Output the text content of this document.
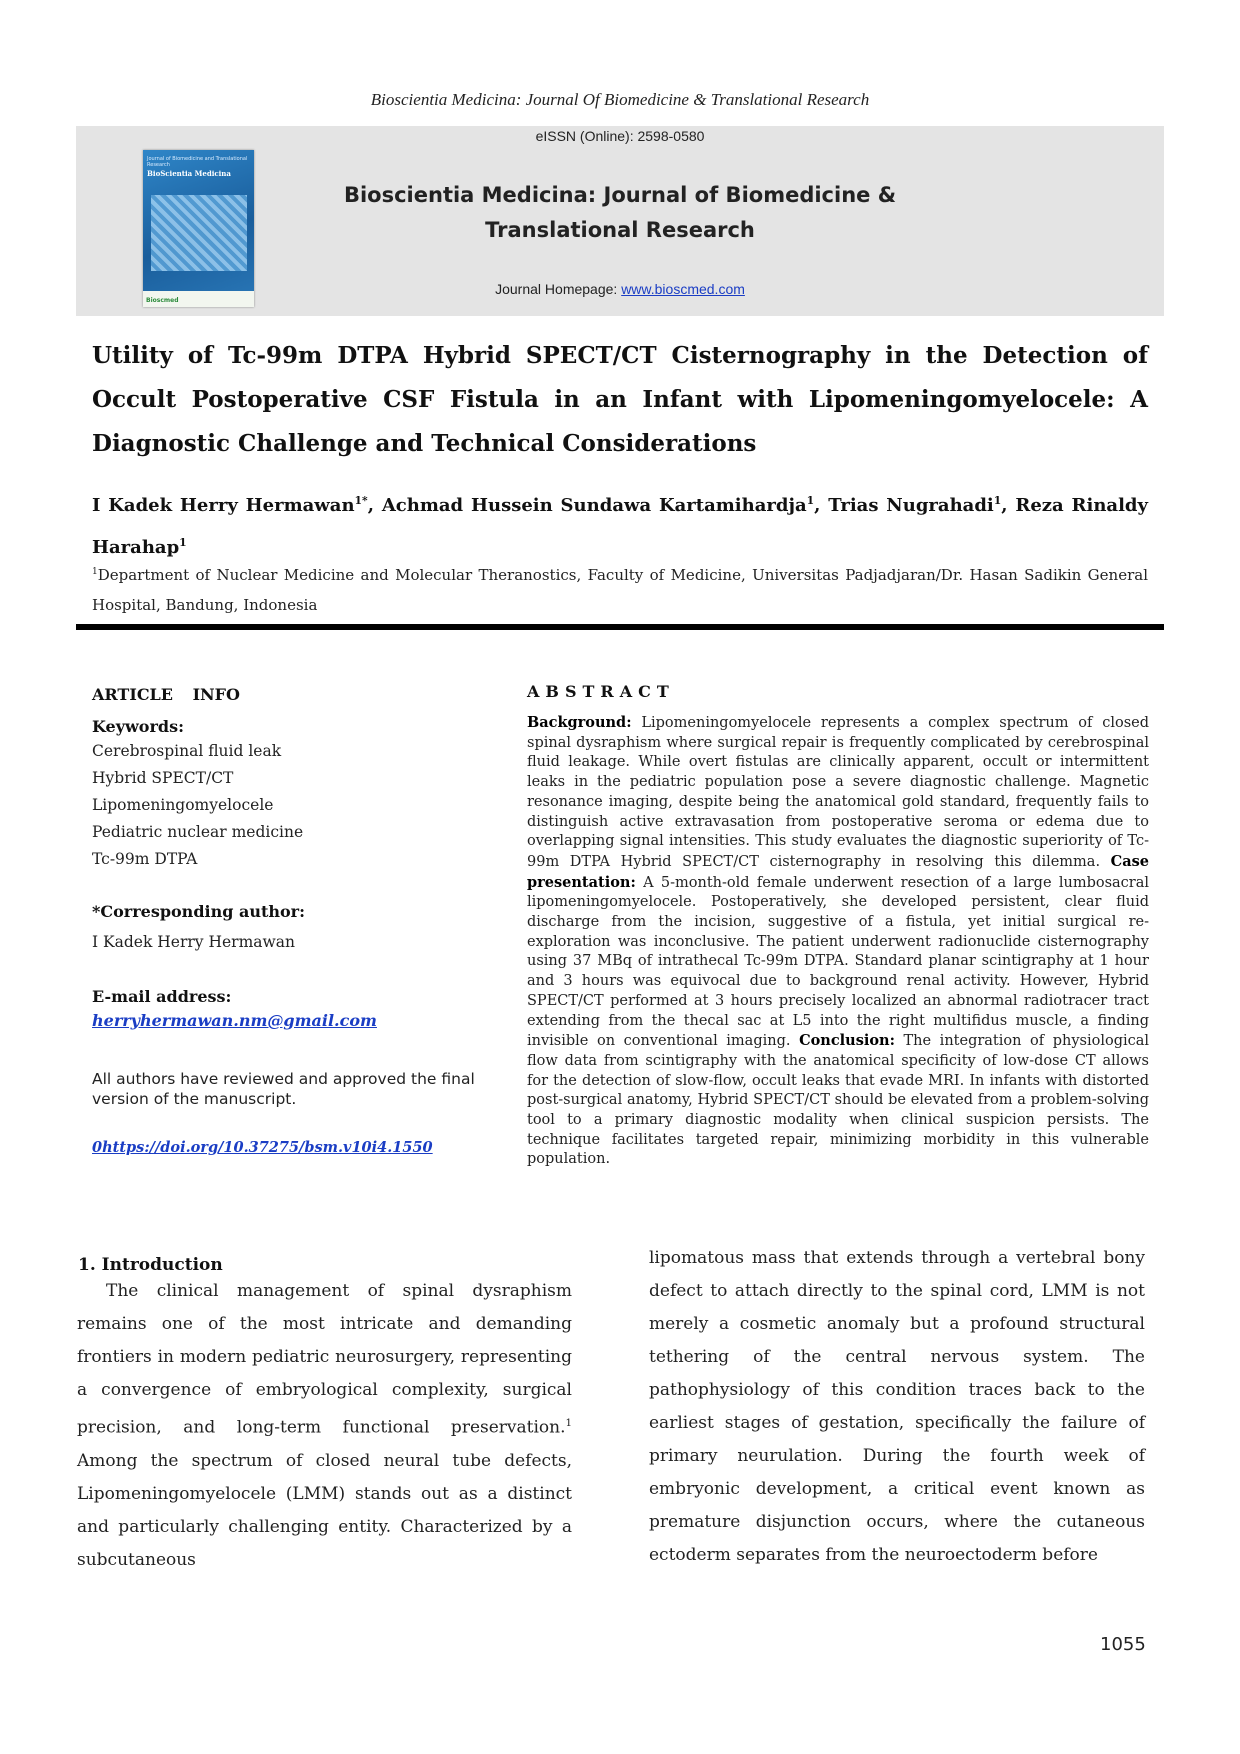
Bioscientia Medicina: Journal Of Biomedicine & Translational Research
Journal of Biomedicine and Translational Research
BioScientia Medicina
Bioscmed
eISSN (Online): 2598-0580
Bioscientia Medicina: Journal of Biomedicine & Translational Research
Journal Homepage: www.bioscmed.com
Utility of Tc-99m DTPA Hybrid SPECT/CT Cisternography in the Detection of Occult Postoperative CSF Fistula in an Infant with Lipomeningomyelocele: A Diagnostic Challenge and Technical Considerations
I Kadek Herry Hermawan$^{1*}$, Achmad Hussein Sundawa Kartamihardja$^1$, Trias Nugrahadi$^1$, Reza Rinaldy Harahap$^1$
$^1$Department of Nuclear Medicine and Molecular Theranostics, Faculty of Medicine, Universitas Padjadjaran/Dr. Hasan Sadikin General Hospital, Bandung, Indonesia
ARTICLE INFO
Keywords:
Cerebrospinal fluid leak
Hybrid SPECT/CT
Lipomeningomyelocele
Pediatric nuclear medicine
Tc-99m DTPA
*Corresponding author:
I Kadek Herry Hermawan
E-mail address:
herryhermawan.nm@gmail.com
All authors have reviewed and approved the final version of the manuscript.
0https://doi.org/10.37275/bsm.v10i4.1550
ABSTRACT
Background: Lipomeningomyelocele represents a complex spectrum of closed spinal dysraphism where surgical repair is frequently complicated by cerebrospinal fluid leakage. While overt fistulas are clinically apparent, occult or intermittent leaks in the pediatric population pose a severe diagnostic challenge. Magnetic resonance imaging, despite being the anatomical gold standard, frequently fails to distinguish active extravasation from postoperative seroma or edema due to overlapping signal intensities. This study evaluates the diagnostic superiority of Tc-99m DTPA Hybrid SPECT/CT cisternography in resolving this dilemma. Case presentation: A 5-month-old female underwent resection of a large lumbosacral lipomeningomyelocele. Postoperatively, she developed persistent, clear fluid discharge from the incision, suggestive of a fistula, yet initial surgical re-exploration was inconclusive. The patient underwent radionuclide cisternography using 37 MBq of intrathecal Tc-99m DTPA. Standard planar scintigraphy at 1 hour and 3 hours was equivocal due to background renal activity. However, Hybrid SPECT/CT performed at 3 hours precisely localized an abnormal radiotracer tract extending from the thecal sac at L5 into the right multifidus muscle, a finding invisible on conventional imaging. Conclusion: The integration of physiological flow data from scintigraphy with the anatomical specificity of low-dose CT allows for the detection of slow-flow, occult leaks that evade MRI. In infants with distorted post-surgical anatomy, Hybrid SPECT/CT should be elevated from a problem-solving tool to a primary diagnostic modality when clinical suspicion persists. The technique facilitates targeted repair, minimizing morbidity in this vulnerable population.
1. Introduction
The clinical management of spinal dysraphism remains one of the most intricate and demanding frontiers in modern pediatric neurosurgery, representing a convergence of embryological complexity, surgical precision, and long-term functional preservation.$^1$ Among the spectrum of closed neural tube defects, Lipomeningomyelocele (LMM) stands out as a distinct and particularly challenging entity. Characterized by a subcutaneous
lipomatous mass that extends through a vertebral bony defect to attach directly to the spinal cord, LMM is not merely a cosmetic anomaly but a profound structural tethering of the central nervous system. The pathophysiology of this condition traces back to the earliest stages of gestation, specifically the failure of primary neurulation. During the fourth week of embryonic development, a critical event known as premature disjunction occurs, where the cutaneous ectoderm separates from the neuroectoderm before
1055
